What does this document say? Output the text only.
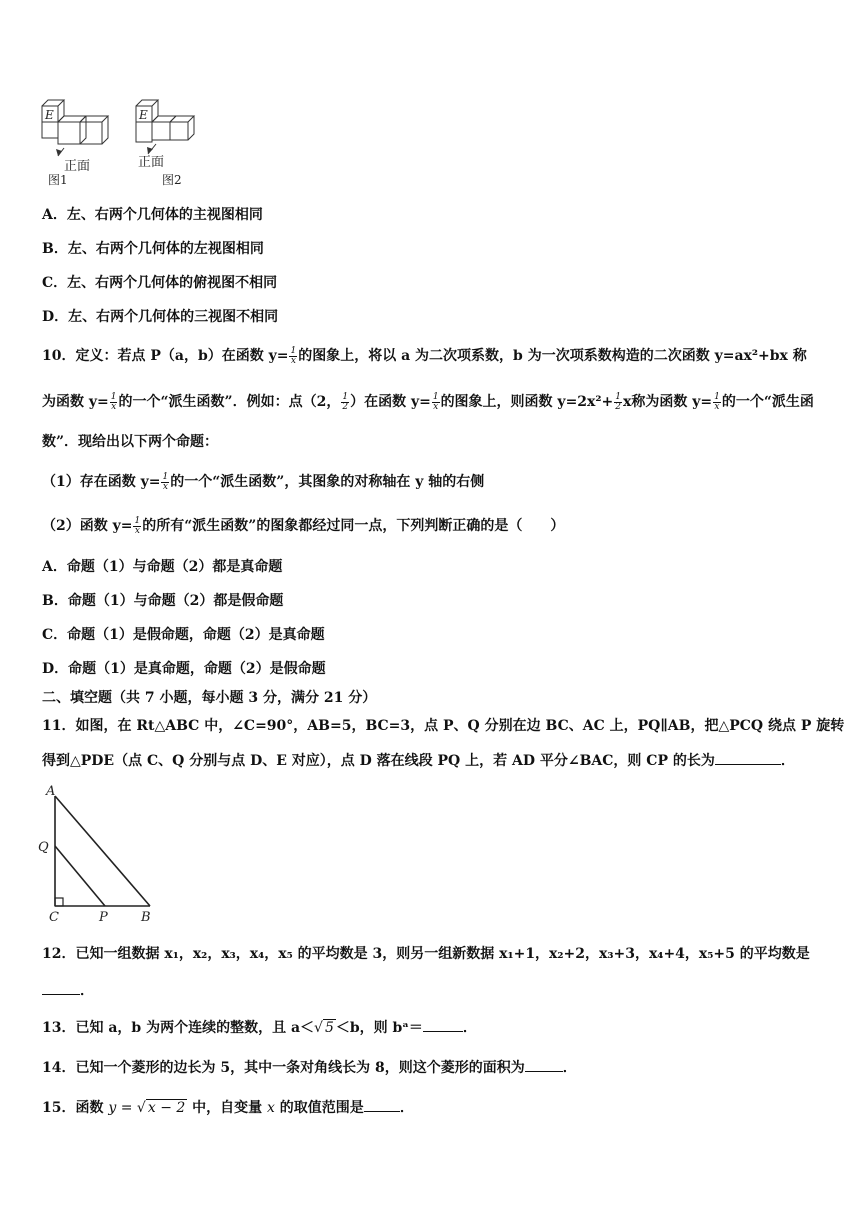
E	E
正面	正面
图1	图2
A．左、右两个几何体的主视图相同
B．左、右两个几何体的左视图相同
C．左、右两个几何体的俯视图不相同
D．左、右两个几何体的三视图不相同
10．定义：若点 P（a，b）在函数 $y= \frac{1}{x}$ 的图象上，将以 a 为二次项系数，b 为一次项系数构造的二次函数 y=ax²+bx 称
为函数 $y= \frac{1}{x}$ 的一个“派生函数”．例如：点（2， $\frac{1}{2}$ ）在函数 $y= \frac{1}{x}$ 的图象上，则函数 $y=2x^2+ \frac{1}{2}$ x称为函数 $y= \frac{1}{x}$ 的一个“派生函
数”．现给出以下两个命题：
（1）存在函数 $y= \frac{1}{x}$ 的一个“派生函数”，其图象的对称轴在 y 轴的右侧
（2）函数 $y= \frac{1}{x}$ 的所有“派生函数”的图象都经过同一点，下列判断正确的是（　　）
A．命题（1）与命题（2）都是真命题
B．命题（1）与命题（2）都是假命题
C．命题（1）是假命题，命题（2）是真命题
D．命题（1）是真命题，命题（2）是假命题
二、填空题（共 7 小题，每小题 3 分，满分 21 分）
11．如图，在 Rt△ABC 中，∠C=90°，AB=5，BC=3，点 P、Q 分别在边 BC、AC 上，PQ∥AB，把△PCQ 绕点 P 旋转
得到△PDE（点 C、Q 分别与点 D、E 对应），点 D 落在线段 PQ 上，若 AD 平分∠BAC，则 CP 的长为	．
A
Q
C	P	B
12．已知一组数据 x₁，x₂，x₃，x₄，x₅ 的平均数是 3，则另一组新数据 x₁+1，x₂+2，x₃+3，x₄+4，x₅+5 的平均数是
．
13．已知 a，b 为两个连续的整数，且 a＜√ 5 ＜b，则 bᵃ＝	．
14．已知一个菱形的边长为 5，其中一条对角线长为 8，则这个菱形的面积为	．
15．函数 y = √ x − 2 中，自变量 x 的取值范围是	．
